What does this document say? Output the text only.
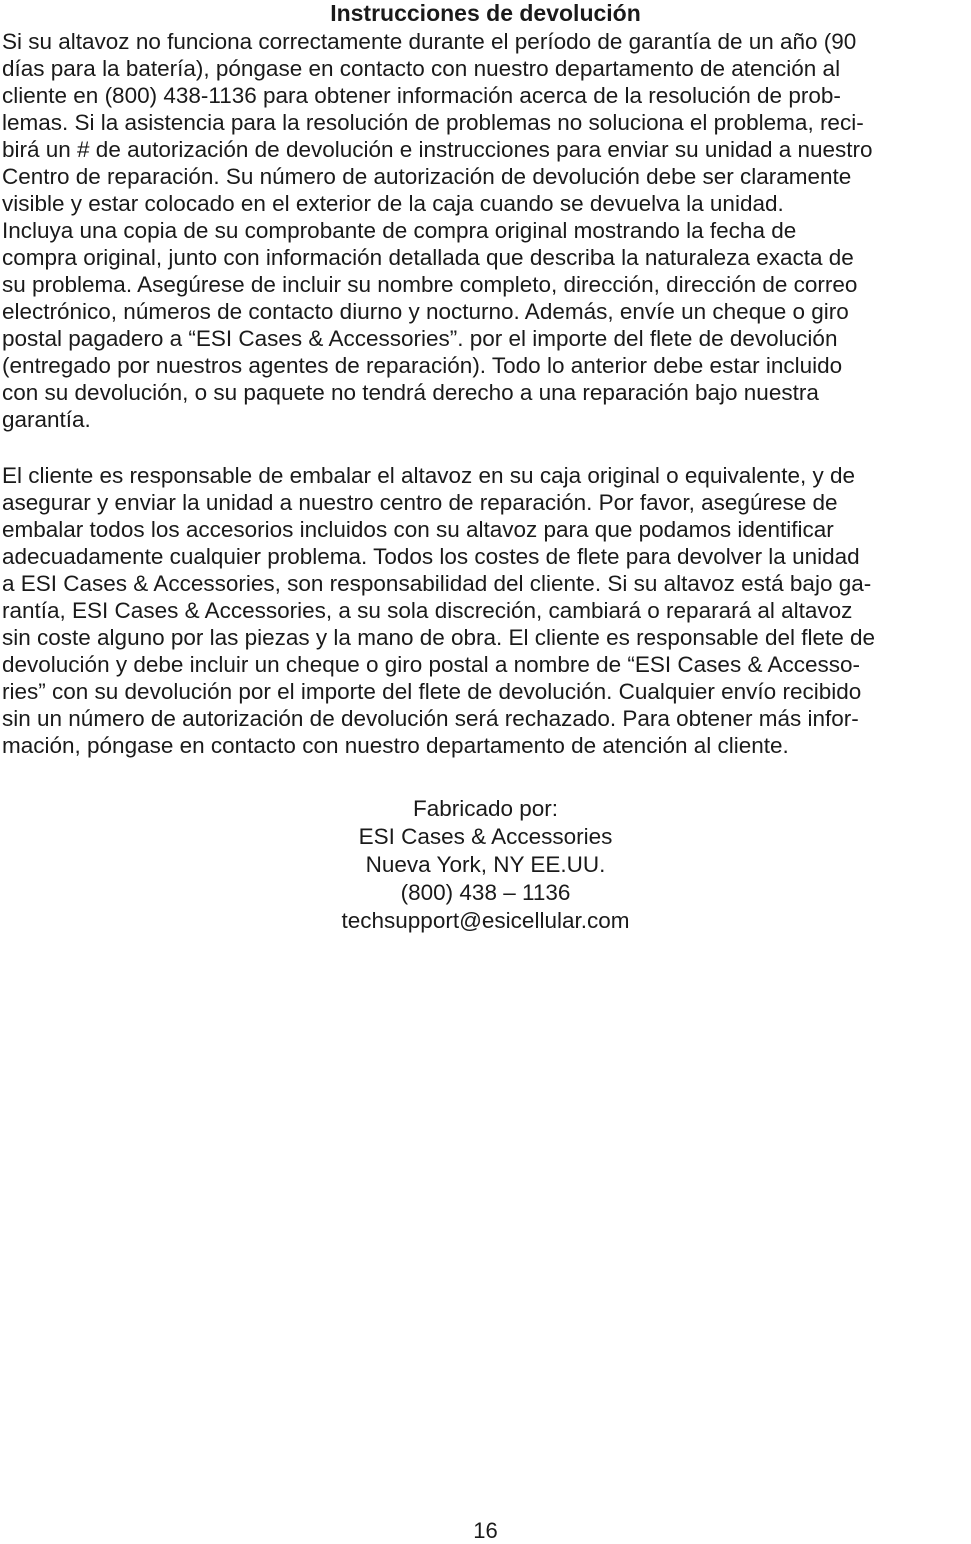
Instrucciones de devolución

Si su altavoz no funciona correctamente durante el período de garantía de un año (90

días para la batería), póngase en contacto con nuestro departamento de atención al

cliente en (800) 438-1136 para obtener información acerca de la resolución de prob-

lemas. Si la asistencia para la resolución de problemas no soluciona el problema, reci-

birá un # de autorización de devolución e instrucciones para enviar su unidad a nuestro

Centro de reparación. Su número de autorización de devolución debe ser claramente

visible y estar colocado en el exterior de la caja cuando se devuelva la unidad.

Incluya una copia de su comprobante de compra original mostrando la fecha de

compra original, junto con información detallada que describa la naturaleza exacta de

su problema. Asegúrese de incluir su nombre completo, dirección, dirección de correo

electrónico, números de contacto diurno y nocturno. Además, envíe un cheque o giro

postal pagadero a “ESI Cases & Accessories”. por el importe del flete de devolución

(entregado por nuestros agentes de reparación). Todo lo anterior debe estar incluido

con su devolución, o su paquete no tendrá derecho a una reparación bajo nuestra

garantía.

El cliente es responsable de embalar el altavoz en su caja original o equivalente, y de

asegurar y enviar la unidad a nuestro centro de reparación. Por favor, asegúrese de

embalar todos los accesorios incluidos con su altavoz para que podamos identificar

adecuadamente cualquier problema. Todos los costes de flete para devolver la unidad

a ESI Cases & Accessories, son responsabilidad del cliente. Si su altavoz está bajo ga-

rantía, ESI Cases & Accessories, a su sola discreción, cambiará o reparará al altavoz

sin coste alguno por las piezas y la mano de obra. El cliente es responsable del flete de

devolución y debe incluir un cheque o giro postal a nombre de “ESI Cases & Accesso-

ries” con su devolución por el importe del flete de devolución. Cualquier envío recibido

sin un número de autorización de devolución será rechazado. Para obtener más infor-

mación, póngase en contacto con nuestro departamento de atención al cliente.

Fabricado por:

ESI Cases & Accessories

Nueva York, NY EE.UU.

(800) 438 – 1136

techsupport@esicellular.com

16
